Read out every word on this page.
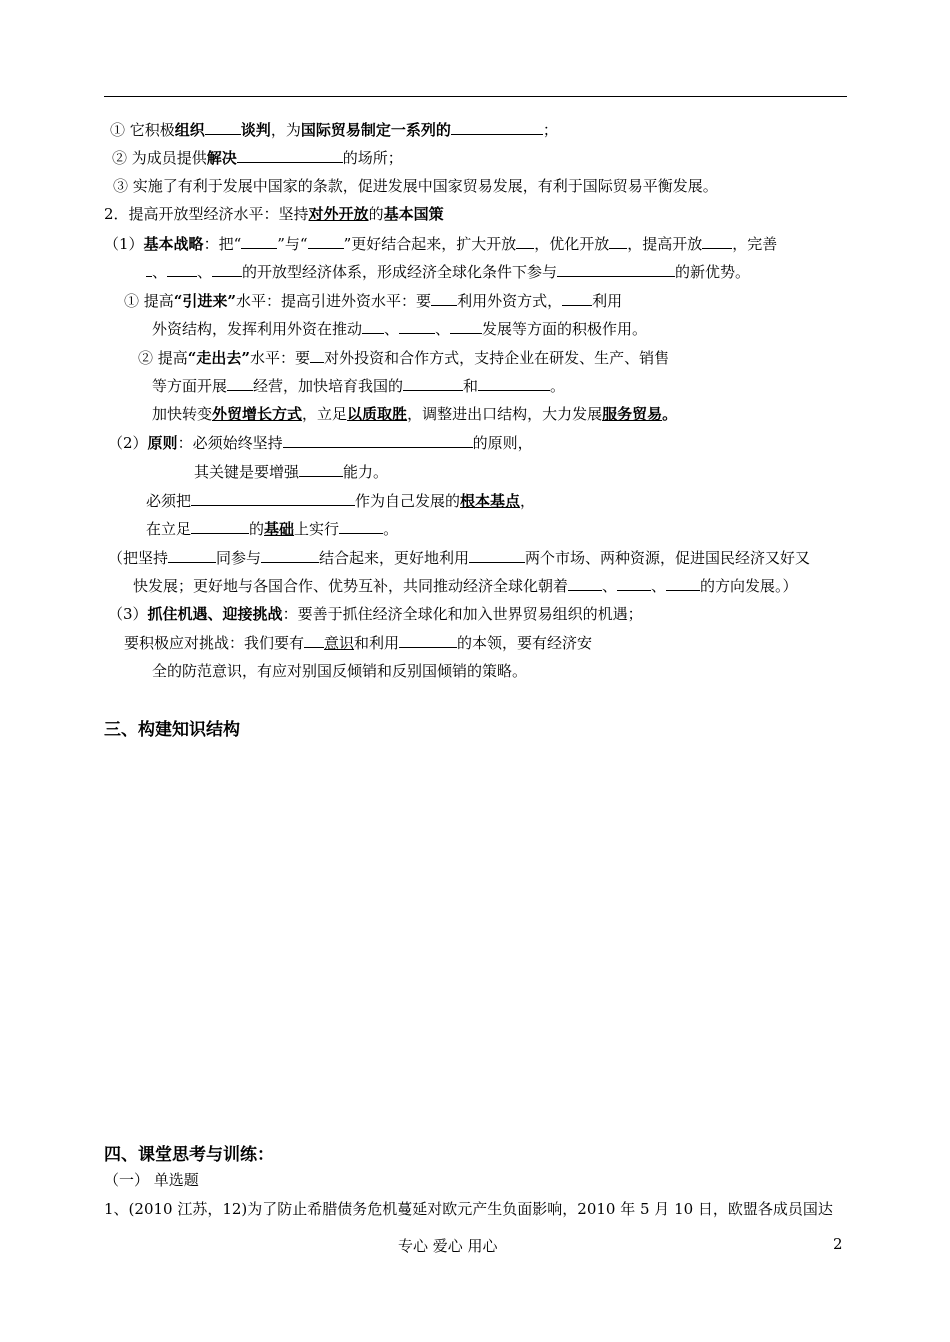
① 它积极组织 谈判，为国际贸易制定一系列的	；
② 为成员提供解决	的场所；
③ 实施了有利于发展中国家的条款，促进发展中国家贸易发展，有利于国际贸易平衡发展。
2．提高开放型经济水平：坚持对外开放的基本国策
（1）基本战略：把“ ”与“ ”更好结合起来，扩大开放 ，优化开放 ，提高开放 ，完善
、 、 的开放型经济体系，形成经济全球化条件下参与	的新优势。
① 提高“引进来”水平：提高引进外资水平：要 利用外资方式， 利用
外资结构，发挥利用外资在推动 、 、 发展等方面的积极作用。
② 提高“走出去”水平：要 对外投资和合作方式，支持企业在研发、生产、销售
等方面开展 经营，加快培育我国的	和	。
加快转变外贸增长方式，立足以质取胜，调整进出口结构，大力发展服务贸易。
（2）原则：必须始终坚持	的原则，
其关键是要增强	能力。
必须把	作为自己发展的根本基点，
在立足	的基础上实行	。
（把坚持	同参与	结合起来，更好地利用	两个市场、两种资源，促进国民经济又好又
快发展；更好地与各国合作、优势互补，共同推动经济全球化朝着 、 、 的方向发展。）
（3）抓住机遇、迎接挑战：要善于抓住经济全球化和加入世界贸易组织的机遇；
要积极应对挑战：我们要有 意识和利用	的本领，要有经济安
全的防范意识，有应对别国反倾销和反别国倾销的策略。
三、构建知识结构
四、课堂思考与训练：
（一） 单选题
1、(2010 江苏，12)为了防止希腊债务危机蔓延对欧元产生负面影响，2010 年 5 月 10 日，欧盟各成员国达
专心 爱心 用心	2
